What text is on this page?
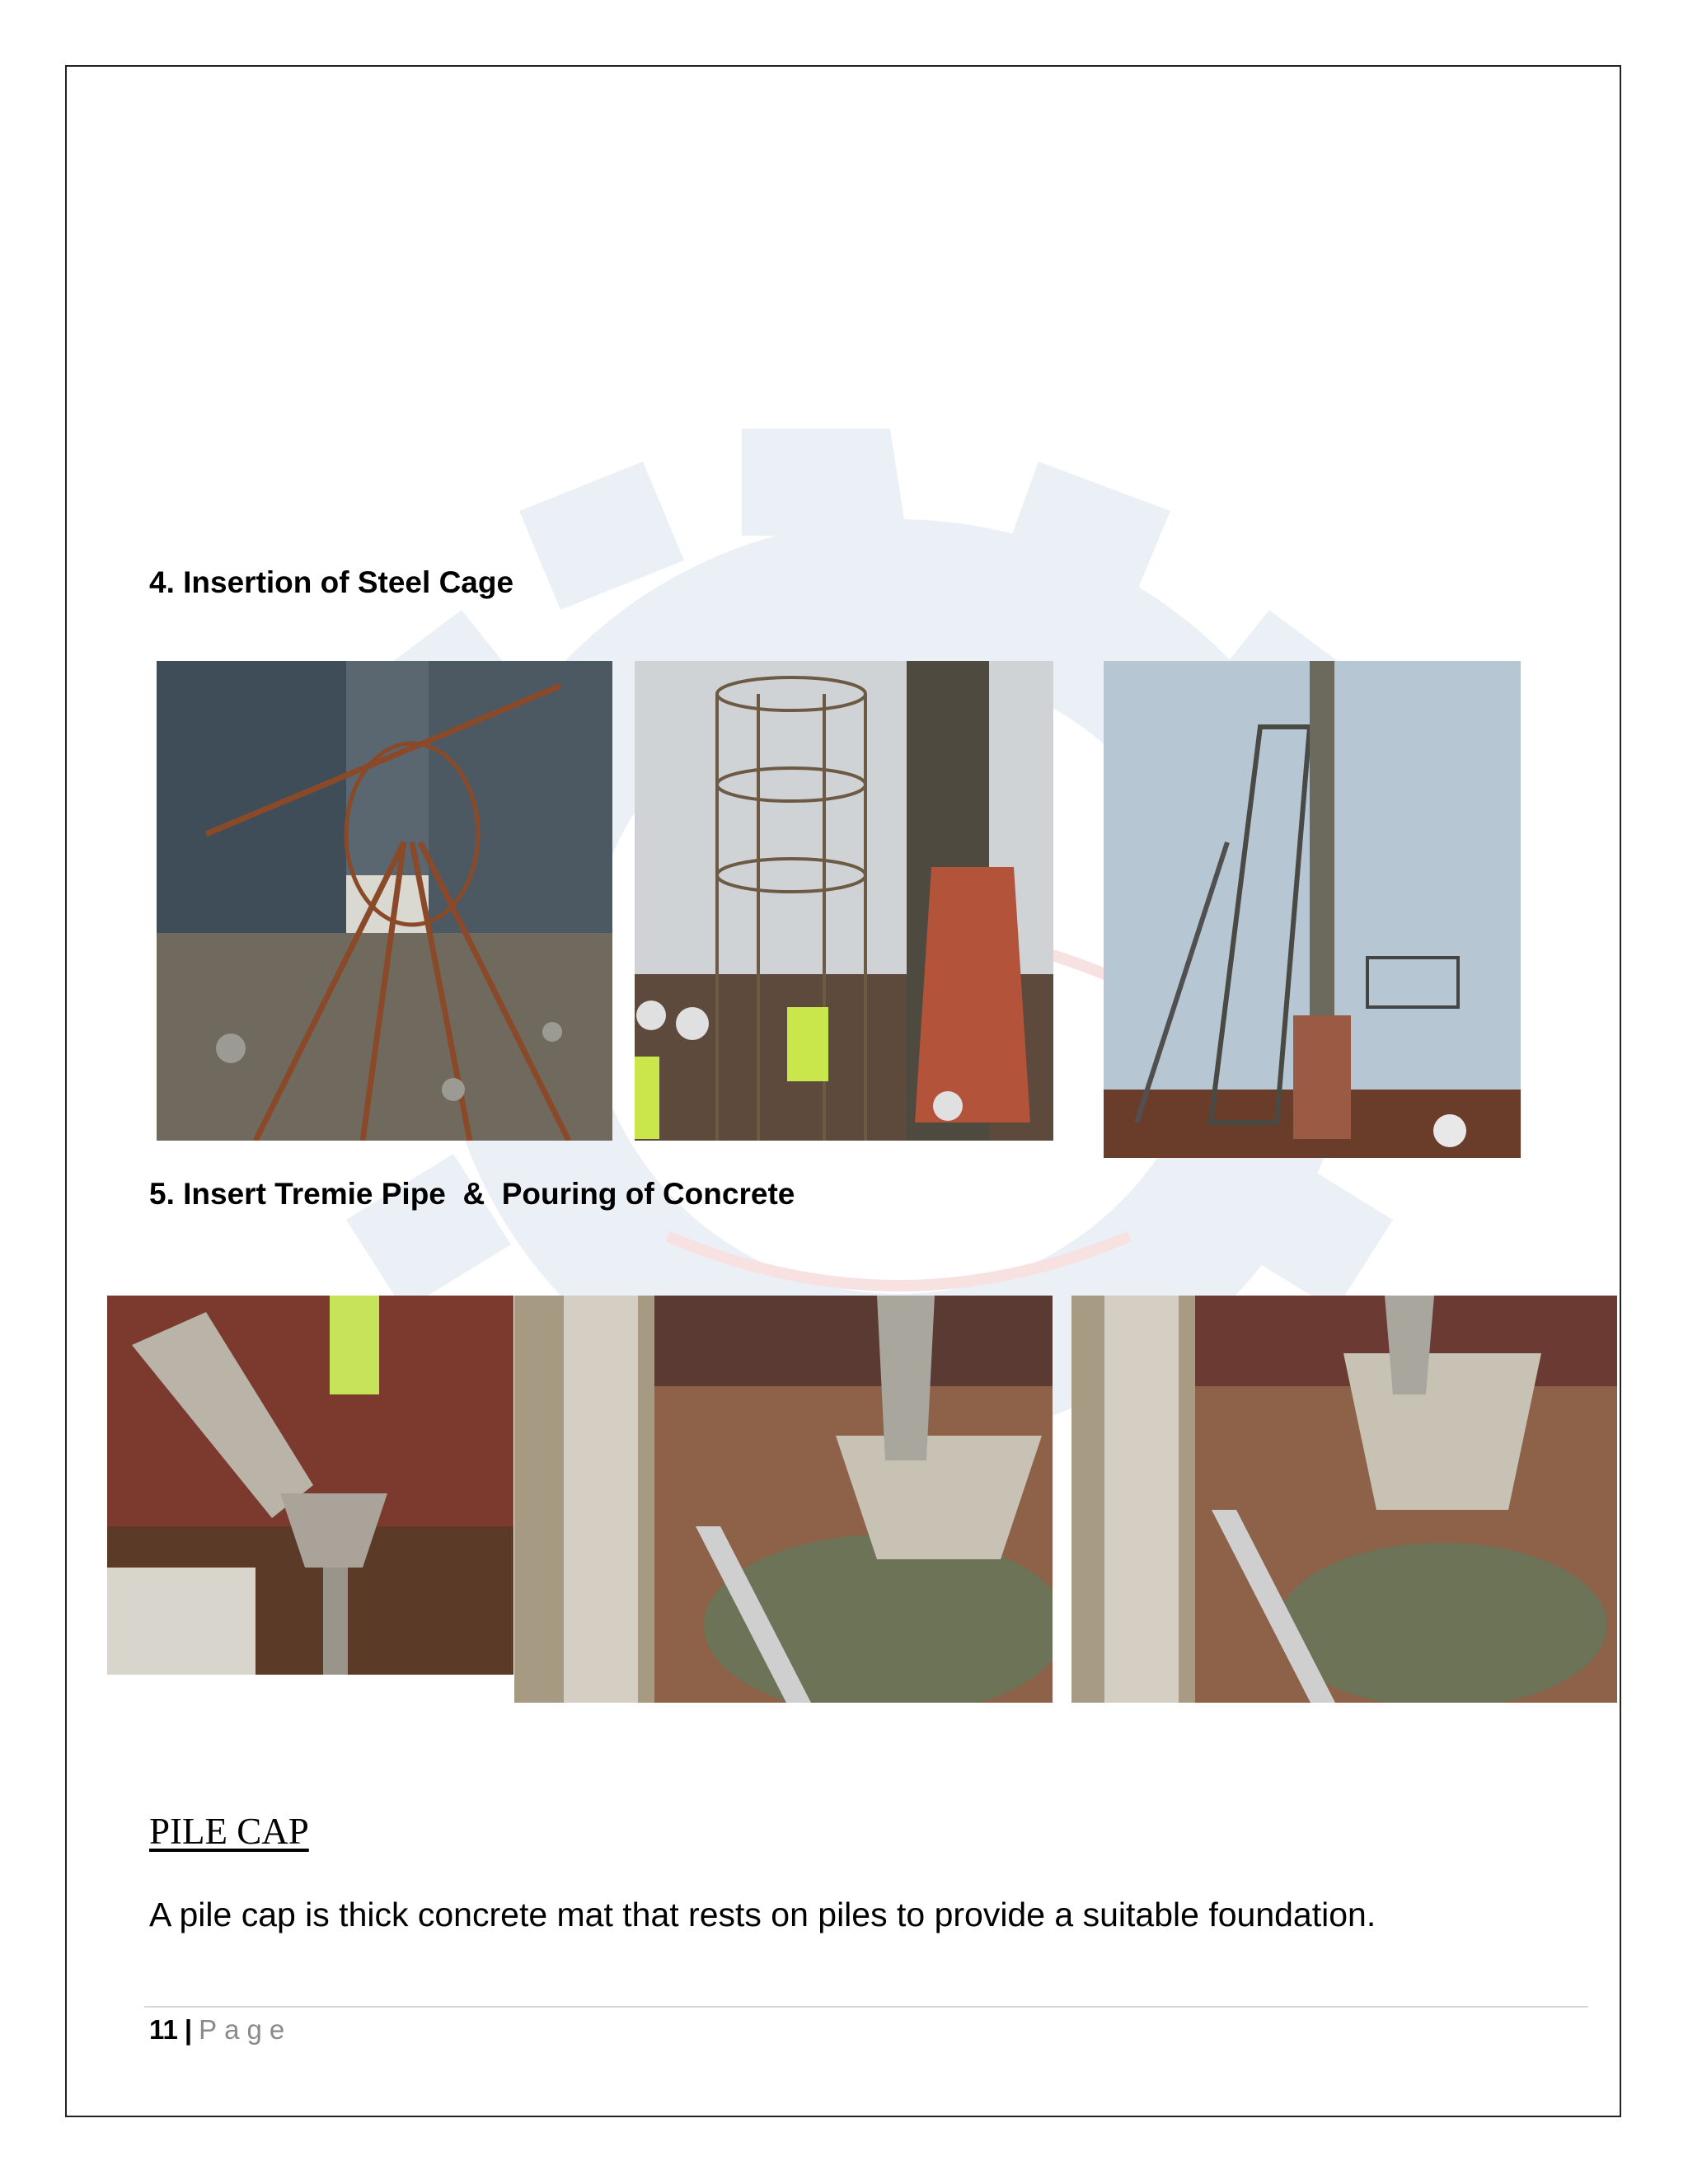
4. Insertion of Steel Cage
5. Insert Tremie Pipe  &  Pouring of Concrete
PILE CAP
A pile cap is thick concrete mat that rests on piles to provide a suitable foundation.
11 | Page
